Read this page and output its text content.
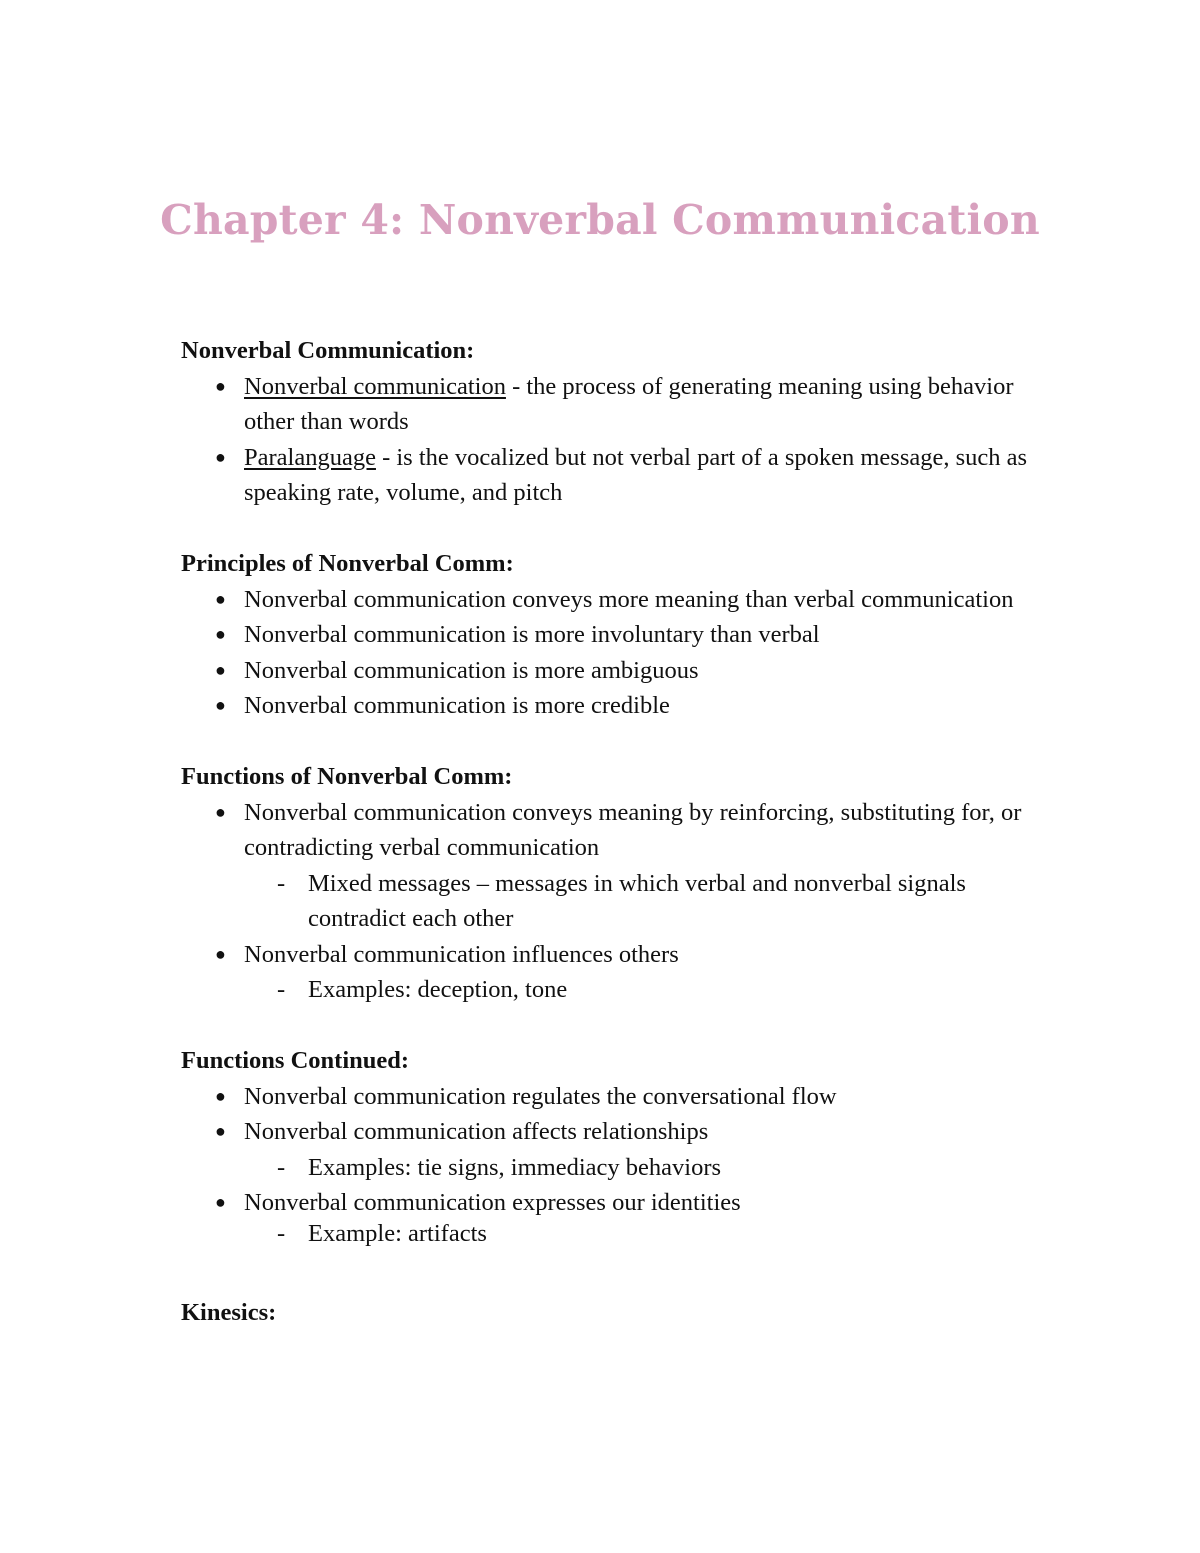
Chapter 4: Nonverbal Communication

Nonverbal Communication:

● Nonverbal communication - the process of generating meaning using behavior other than words
● Paralanguage - is the vocalized but not verbal part of a spoken message, such as speaking rate, volume, and pitch

Principles of Nonverbal Comm:

● Nonverbal communication conveys more meaning than verbal communication
● Nonverbal communication is more involuntary than verbal
● Nonverbal communication is more ambiguous
● Nonverbal communication is more credible

Functions of Nonverbal Comm:

● Nonverbal communication conveys meaning by reinforcing, substituting for, or contradicting verbal communication
- Mixed messages – messages in which verbal and nonverbal signals contradict each other
● Nonverbal communication influences others
- Examples: deception, tone

Functions Continued:

● Nonverbal communication regulates the conversational flow
● Nonverbal communication affects relationships
- Examples: tie signs, immediacy behaviors
● Nonverbal communication expresses our identities
- Example: artifacts

Kinesics:
